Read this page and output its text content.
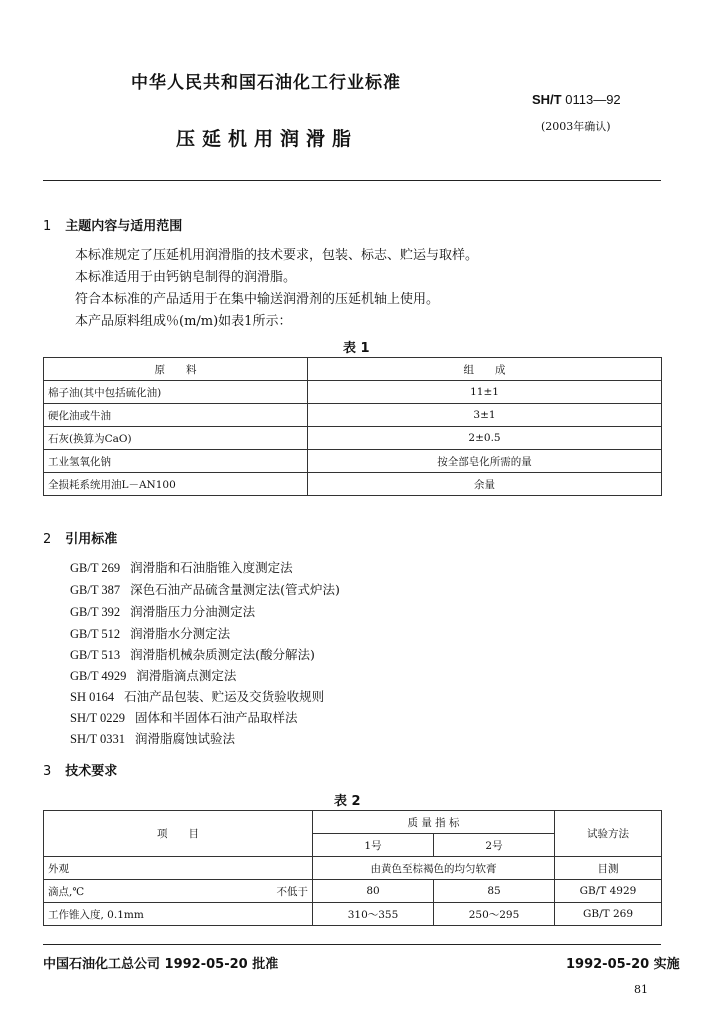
中华人民共和国石油化工行业标准
SH/T 0113—92
压延机用润滑脂
(2003年确认)
1 主题内容与适用范围
本标准规定了压延机用润滑脂的技术要求，包装、标志、贮运与取样。
本标准适用于由钙钠皂制得的润滑脂。
符合本标准的产品适用于在集中输送润滑剂的压延机轴上使用。
本产品原料组成％(m/m)如表1所示：
表 1
原　　料	组　　成
棉子油(其中包括硫化油)	11±1
硬化油或牛油	3±1
石灰(换算为CaO)	2±0.5
工业氢氧化钠	按全部皂化所需的量
全损耗系统用油L－AN100	余量
2 引用标准
GB/T 269 润滑脂和石油脂锥入度测定法
GB/T 387 深色石油产品硫含量测定法(管式炉法)
GB/T 392 润滑脂压力分油测定法
GB/T 512 润滑脂水分测定法
GB/T 513 润滑脂机械杂质测定法(酸分解法)
GB/T 4929 润滑脂滴点测定法
SH 0164 石油产品包装、贮运及交货验收规则
SH/T 0229 固体和半固体石油产品取样法
SH/T 0331 润滑脂腐蚀试验法
3 技术要求
表 2
项　　目		质 量 指 标		试验方法
		1号	2号	
外观		由黄色至棕褐色的均匀软膏		目测
滴点,℃	不低于	80	85	GB/T 4929
工作锥入度, 0.1mm		310～355	250～295	GB/T 269
中国石油化工总公司 1992-05-20 批准	1992-05-20 实施
81
